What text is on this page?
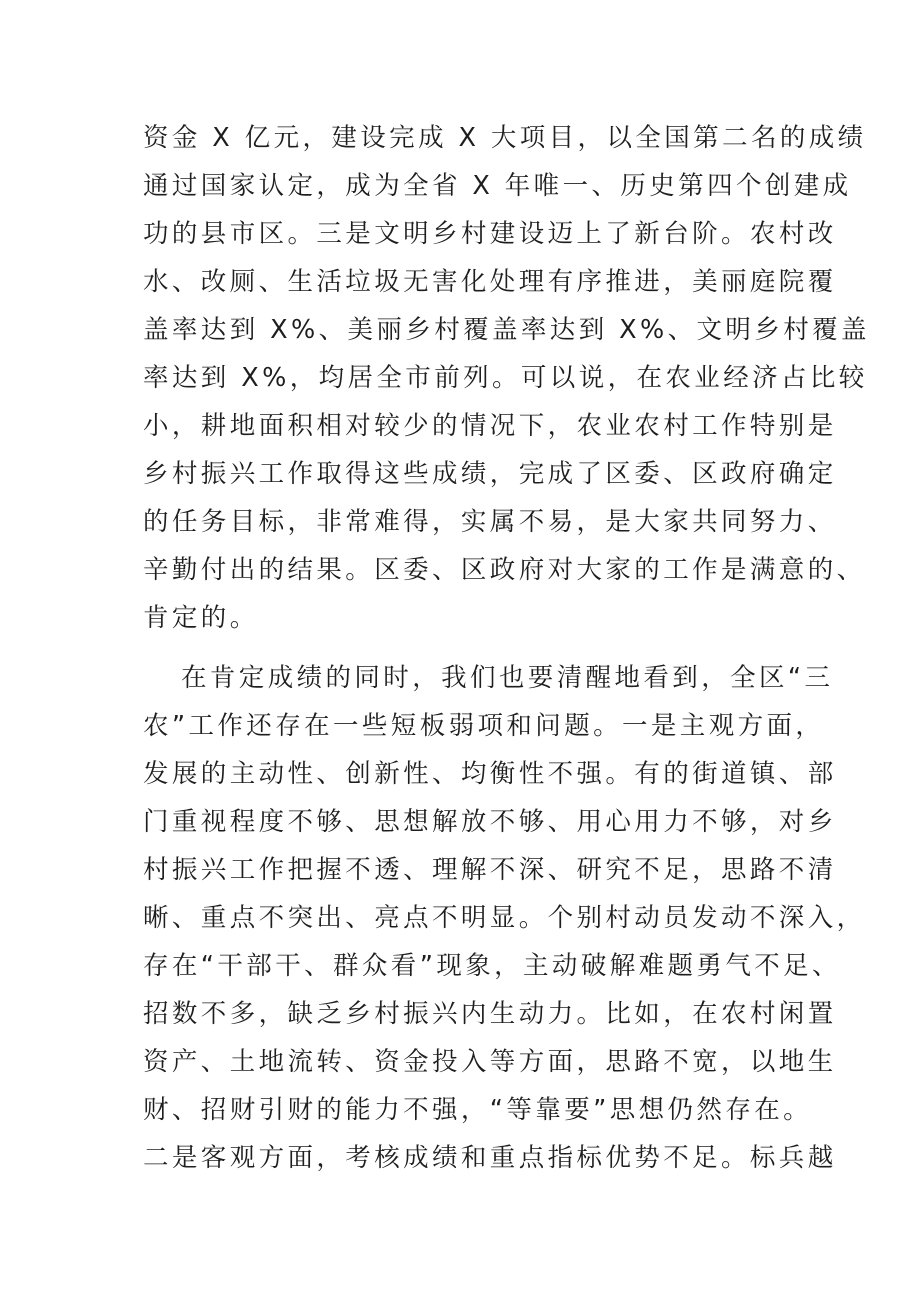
资金 X 亿元，建设完成 X 大项目，以全国第二名的成绩
通过国家认定，成为全省 X 年唯一、历史第四个创建成
功的县市区。三是文明乡村建设迈上了新台阶。农村改
水、改厕、生活垃圾无害化处理有序推进，美丽庭院覆
盖率达到 X%、美丽乡村覆盖率达到 X%、文明乡村覆盖
率达到 X%，均居全市前列。可以说，在农业经济占比较
小，耕地面积相对较少的情况下，农业农村工作特别是
乡村振兴工作取得这些成绩，完成了区委、区政府确定
的任务目标，非常难得，实属不易，是大家共同努力、
辛勤付出的结果。区委、区政府对大家的工作是满意的、
肯定的。
在肯定成绩的同时，我们也要清醒地看到，全区“三
农”工作还存在一些短板弱项和问题。一是主观方面，
发展的主动性、创新性、均衡性不强。有的街道镇、部
门重视程度不够、思想解放不够、用心用力不够，对乡
村振兴工作把握不透、理解不深、研究不足，思路不清
晰、重点不突出、亮点不明显。个别村动员发动不深入，
存在“干部干、群众看”现象，主动破解难题勇气不足、
招数不多，缺乏乡村振兴内生动力。比如，在农村闲置
资产、土地流转、资金投入等方面，思路不宽，以地生
财、招财引财的能力不强，“等靠要”思想仍然存在。
二是客观方面，考核成绩和重点指标优势不足。标兵越
